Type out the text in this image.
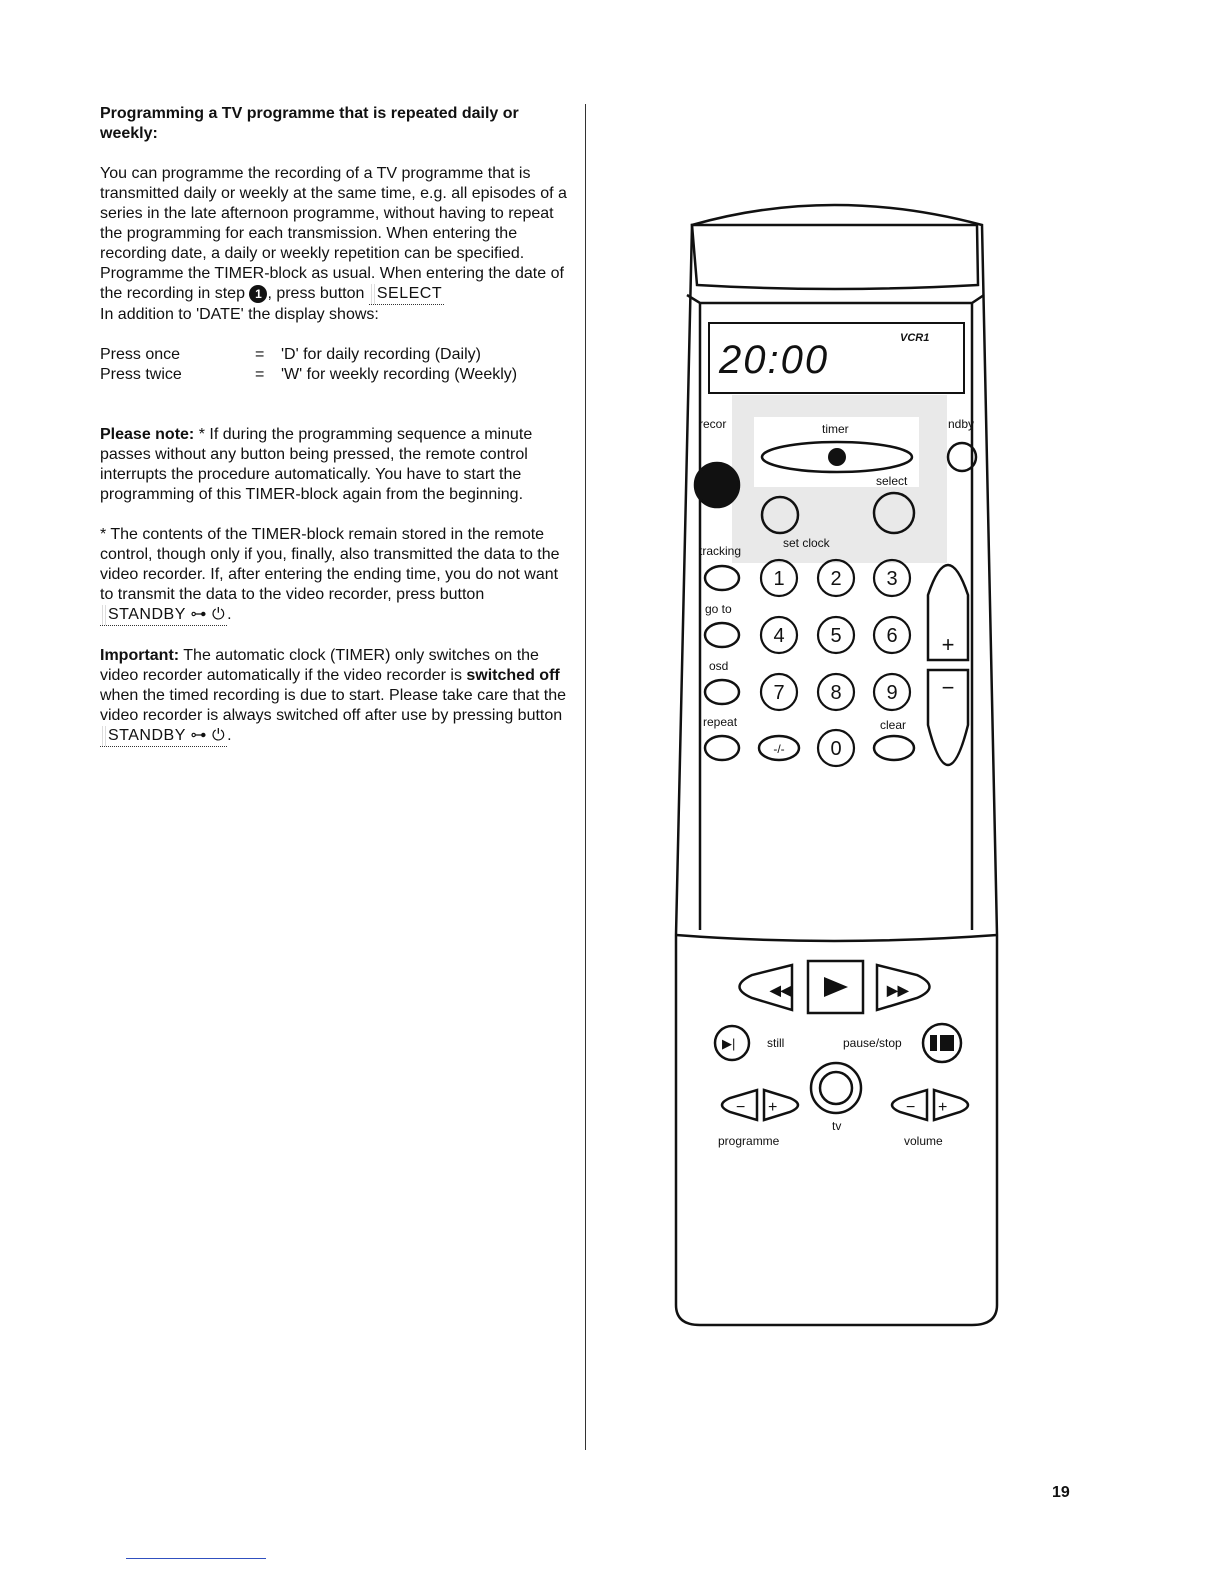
Programming a TV programme that is repeated daily or weekly:

You can programme the recording of a TV programme that is transmitted daily or weekly at the same time, e.g. all episodes of a series in the late afternoon programme, without having to repeat the programming for each transmission. When entering the recording date, a daily or weekly repetition can be specified.

Programme the TIMER-block as usual. When entering the date of the recording in step 1 , press button SELECT
In addition to 'DATE' the display shows:

Press once	=	'D' for daily recording (Daily)
Press twice	=	'W' for weekly recording (Weekly)

Please note: * If during the programming sequence a minute passes without any button being pressed, the remote control interrupts the procedure automatically. You have to start the programming of this TIMER-block again from the beginning.

* The contents of the TIMER-block remain stored in the remote control, though only if you, finally, also transmitted the data to the video recorder. If, after entering the ending time, you do not want to transmit the data to the video recorder, press button STANDBY ⊶ ⏻ .

Important: The automatic clock (TIMER) only switches on the video recorder automatically if the video recorder is switched off when the timed recording is due to start. Please take care that the video recorder is always switched off after use by pressing button STANDBY ⊶ ⏻ .

20:00	VCR1
recor	timer	ndby
select
set clock
tracking
go to
osd
repeat
1 2 3
4 5 6
7 8 9
0
-/-
clear
+
−
◀◀	▶▶
▶|	still	pause/stop
tv
− +
programme
− +
volume
19
